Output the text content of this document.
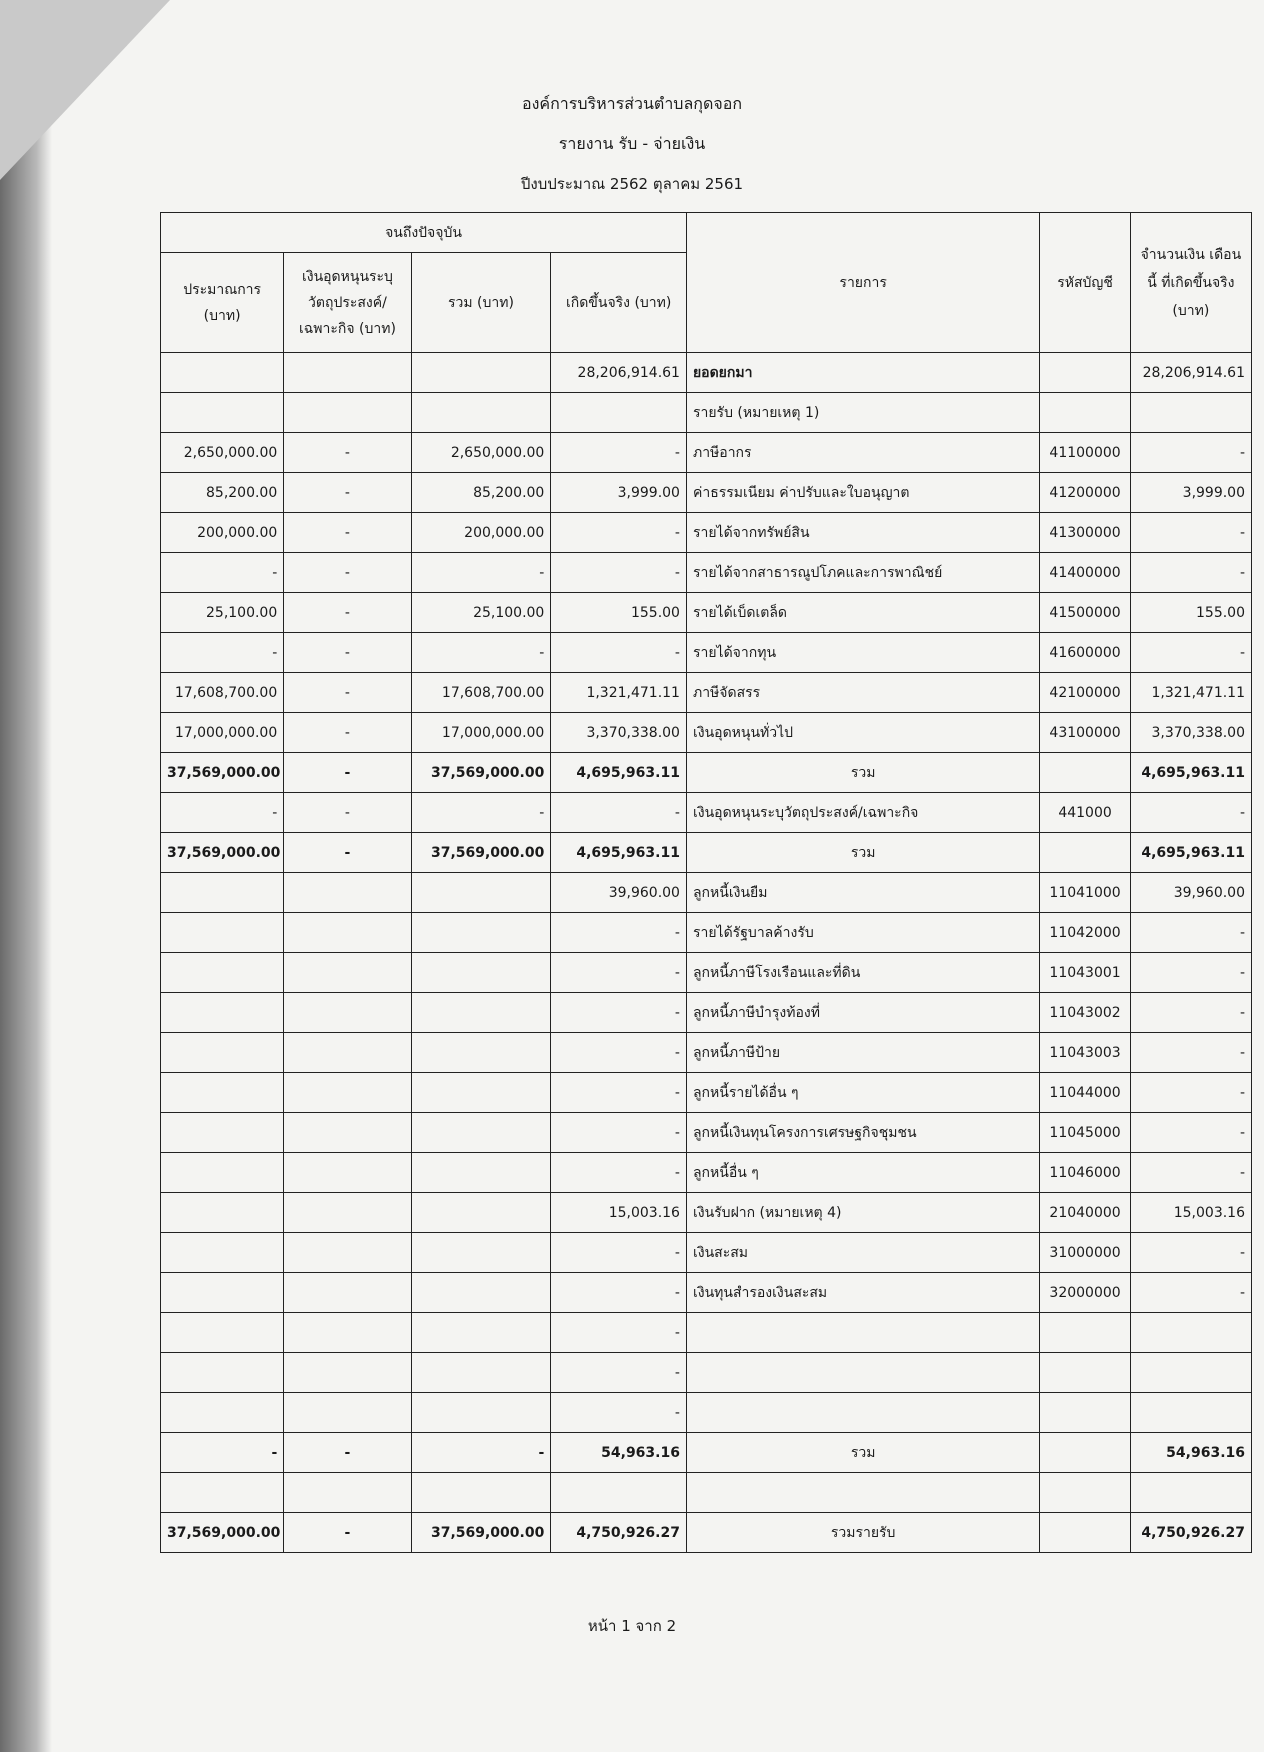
องค์การบริหารส่วนตำบลกุดจอก
รายงาน รับ - จ่ายเงิน
ปีงบประมาณ 2562 ตุลาคม 2561
จนถึงปัจจุบัน				รายการ	รหัสบัญชี	จำนวนเงิน เดือนนี้ ที่เกิดขึ้นจริง (บาท)
ประมาณการ (บาท)	เงินอุดหนุนระบุวัตถุประสงค์/เฉพาะกิจ (บาท)	รวม (บาท)	เกิดขึ้นจริง (บาท)			
			28,206,914.61	ยอดยกมา		28,206,914.61
				รายรับ (หมายเหตุ 1)		
2,650,000.00	-	2,650,000.00	-	ภาษีอากร	41100000	-
85,200.00	-	85,200.00	3,999.00	ค่าธรรมเนียม ค่าปรับและใบอนุญาต	41200000	3,999.00
200,000.00	-	200,000.00	-	รายได้จากทรัพย์สิน	41300000	-
-	-	-	-	รายได้จากสาธารณูปโภคและการพาณิชย์	41400000	-
25,100.00	-	25,100.00	155.00	รายได้เบ็ดเตล็ด	41500000	155.00
-	-	-	-	รายได้จากทุน	41600000	-
17,608,700.00	-	17,608,700.00	1,321,471.11	ภาษีจัดสรร	42100000	1,321,471.11
17,000,000.00	-	17,000,000.00	3,370,338.00	เงินอุดหนุนทั่วไป	43100000	3,370,338.00
37,569,000.00	-	37,569,000.00	4,695,963.11	รวม		4,695,963.11
-	-	-	-	เงินอุดหนุนระบุวัตถุประสงค์/เฉพาะกิจ	441000	-
37,569,000.00	-	37,569,000.00	4,695,963.11	รวม		4,695,963.11
			39,960.00	ลูกหนี้เงินยืม	11041000	39,960.00
			-	รายได้รัฐบาลค้างรับ	11042000	-
			-	ลูกหนี้ภาษีโรงเรือนและที่ดิน	11043001	-
			-	ลูกหนี้ภาษีบำรุงท้องที่	11043002	-
			-	ลูกหนี้ภาษีป้าย	11043003	-
			-	ลูกหนี้รายได้อื่น ๆ	11044000	-
			-	ลูกหนี้เงินทุนโครงการเศรษฐกิจชุมชน	11045000	-
			-	ลูกหนี้อื่น ๆ	11046000	-
			15,003.16	เงินรับฝาก (หมายเหตุ 4)	21040000	15,003.16
			-	เงินสะสม	31000000	-
			-	เงินทุนสำรองเงินสะสม	32000000	-
			-			
			-			
			-			
-	-	-	54,963.16	รวม		54,963.16

37,569,000.00	-	37,569,000.00	4,750,926.27	รวมรายรับ		4,750,926.27
หน้า 1 จาก 2
